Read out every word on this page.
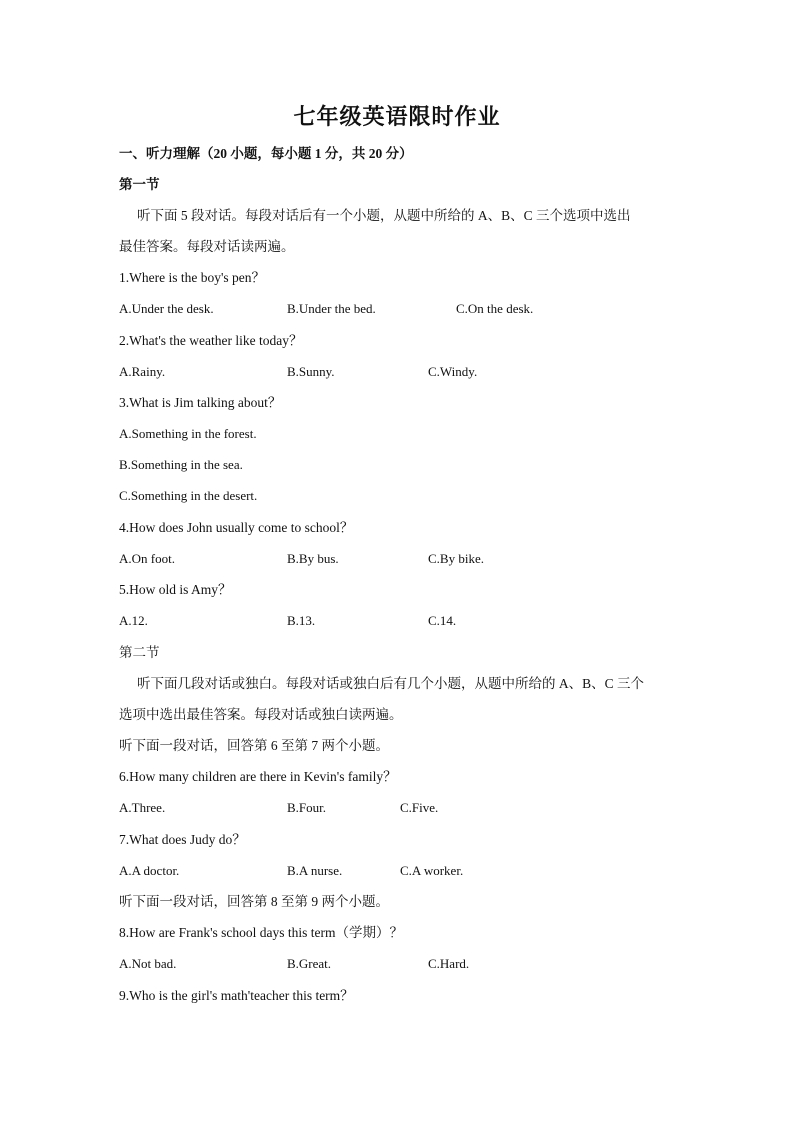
七年级英语限时作业
一、听力理解（20 小题，每小题 1 分，共 20 分）
第一节
听下面 5 段对话。每段对话后有一个小题，从题中所给的 A、B、C 三个选项中选出
最佳答案。每段对话读两遍。
1.Where is the boy's pen？
A.Under the desk.	B.Under the bed.	C.On the desk.
2.What's the weather like today？
A.Rainy.	B.Sunny.	C.Windy.
3.What is Jim talking about？
A.Something in the forest.
B.Something in the sea.
C.Something in the desert.
4.How does John usually come to school？
A.On foot.	B.By bus.	C.By bike.
5.How old is Amy？
A.12.	B.13.	C.14.
第二节
听下面几段对话或独白。每段对话或独白后有几个小题，从题中所给的 A、B、C 三个
选项中选出最佳答案。每段对话或独白读两遍。
听下面一段对话，回答第 6 至第 7 两个小题。
6.How many children are there in Kevin's family？
A.Three.	B.Four.	C.Five.
7.What does Judy do？
A.A doctor.	B.A nurse.	C.A worker.
听下面一段对话，回答第 8 至第 9 两个小题。
8.How are Frank's school days this term（学期）？
A.Not bad.	B.Great.	C.Hard.
9.Who is the girl's math'teacher this term？
